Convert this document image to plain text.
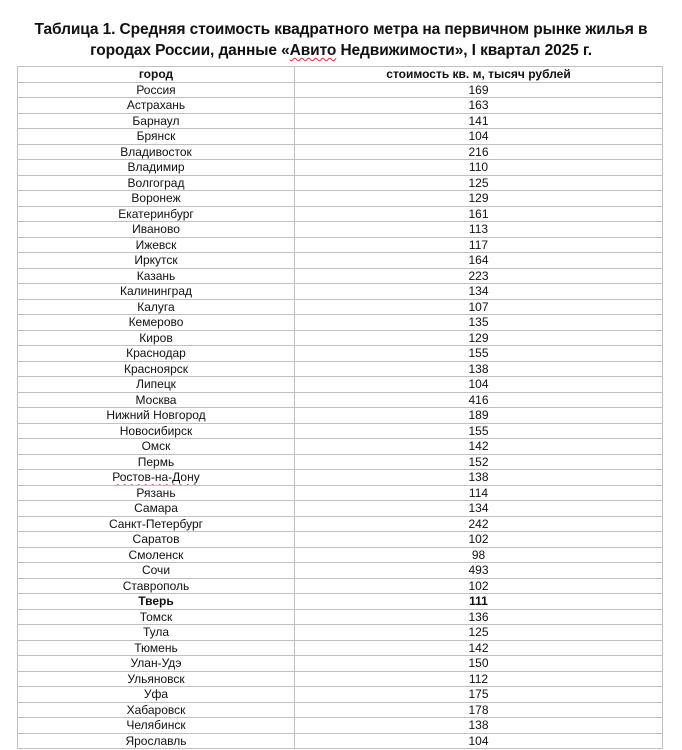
Таблица 1. Средняя стоимость квадратного метра на первичном рынке жилья в
городах России, данные «Авито Недвижимости», I квартал 2025 г.
город	стоимость кв. м, тысяч рублей
Россия	169
Астрахань	163
Барнаул	141
Брянск	104
Владивосток	216
Владимир	110
Волгоград	125
Воронеж	129
Екатеринбург	161
Иваново	113
Ижевск	117
Иркутск	164
Казань	223
Калининград	134
Калуга	107
Кемерово	135
Киров	129
Краснодар	155
Красноярск	138
Липецк	104
Москва	416
Нижний Новгород	189
Новосибирск	155
Омск	142
Пермь	152
Ростов-на-Дону	138
Рязань	114
Самара	134
Санкт-Петербург	242
Саратов	102
Смоленск	98
Сочи	493
Ставрополь	102
Тверь	111
Томск	136
Тула	125
Тюмень	142
Улан-Удэ	150
Ульяновск	112
Уфа	175
Хабаровск	178
Челябинск	138
Ярославль	104
